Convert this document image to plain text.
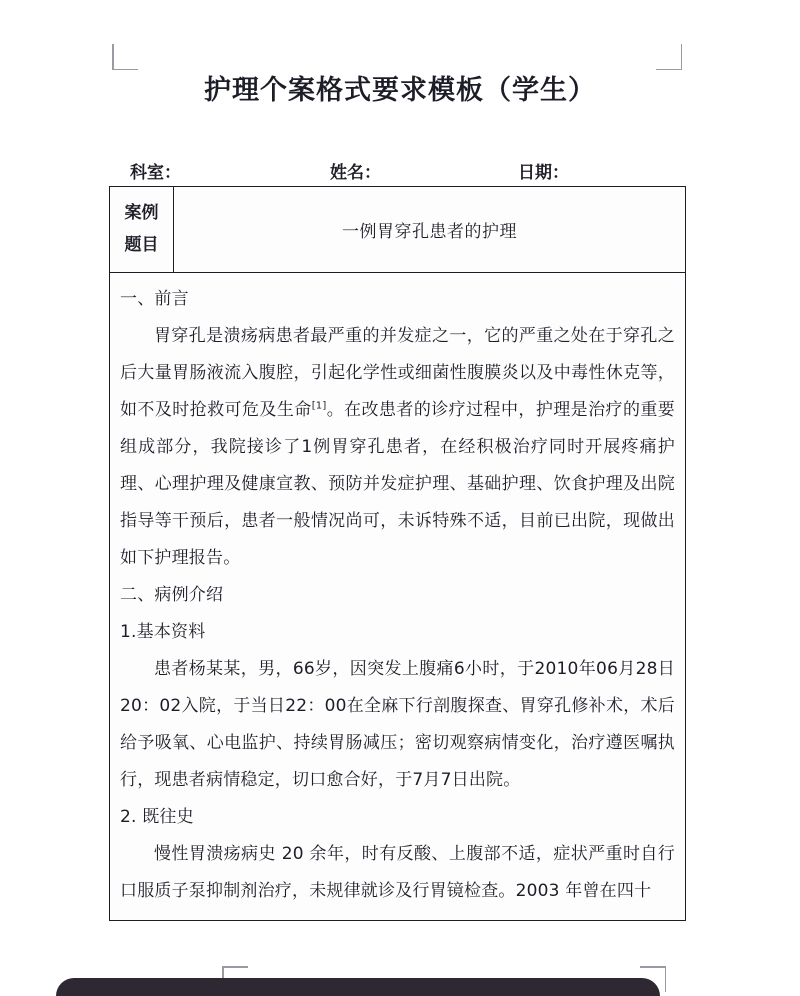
护理个案格式要求模板（学生）
科室：	姓名：	日期：
案例
题目
一例胃穿孔患者的护理

一、前言

胃穿孔是溃疡病患者最严重的并发症之一，它的严重之处在于穿孔之后大量胃肠液流入腹腔，引起化学性或细菌性腹膜炎以及中毒性休克等，如不及时抢救可危及生命[1]。在改患者的诊疗过程中，护理是治疗的重要组成部分，我院接诊了1例胃穿孔患者，在经积极治疗同时开展疼痛护理、心理护理及健康宣教、预防并发症护理、基础护理、饮食护理及出院指导等干预后，患者一般情况尚可，未诉特殊不适，目前已出院，现做出如下护理报告。

二、病例介绍

1.基本资料

患者杨某某，男，66岁，因突发上腹痛6小时，于2010年06月28日20：02入院，于当日22：00在全麻下行剖腹探查、胃穿孔修补术，术后给予吸氧、心电监护、持续胃肠减压；密切观察病情变化，治疗遵医嘱执行，现患者病情稳定，切口愈合好，于7月7日出院。

2. 既往史

慢性胃溃疡病史 20 余年，时有反酸、上腹部不适，症状严重时自行口服质子泵抑制剂治疗，未规律就诊及行胃镜检查。2003 年曾在四十
